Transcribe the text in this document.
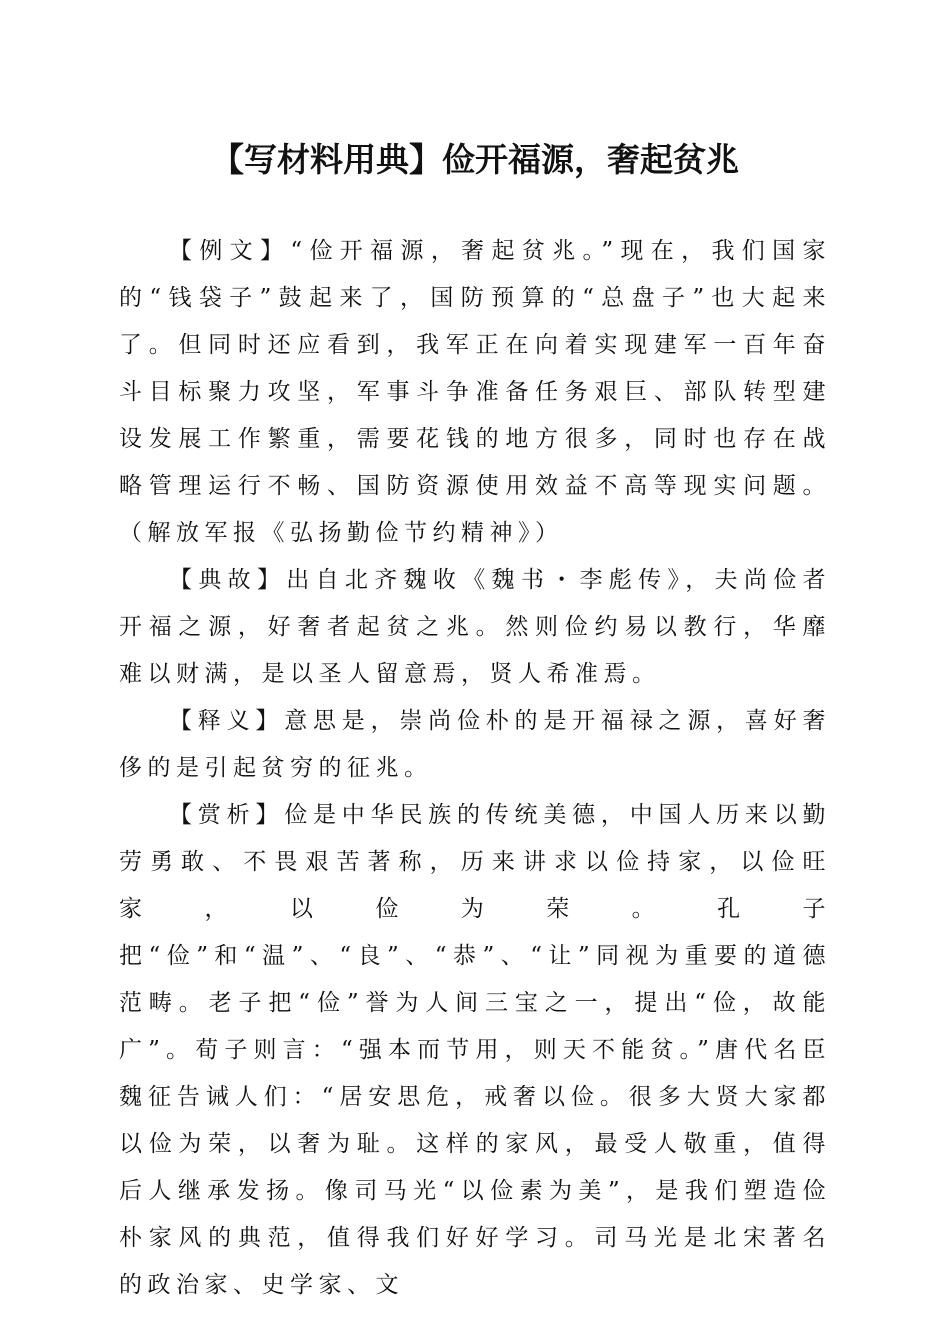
【写材料用典】俭开福源，奢起贫兆

【例文】“俭开福源，奢起贫兆。”现在，我们国家的“钱袋子”鼓起来了，国防预算的“总盘子”也大起来了。但同时还应看到，我军正在向着实现建军一百年奋斗目标聚力攻坚，军事斗争准备任务艰巨、部队转型建设发展工作繁重，需要花钱的地方很多，同时也存在战略管理运行不畅、国防资源使用效益不高等现实问题。（解放军报《弘扬勤俭节约精神》）

【典故】出自北齐魏收《魏书・李彪传》，夫尚俭者开福之源，好奢者起贫之兆。然则俭约易以教行，华靡难以财满，是以圣人留意焉，贤人希准焉。

【释义】意思是，崇尚俭朴的是开福禄之源，喜好奢侈的是引起贫穷的征兆。

【赏析】俭是中华民族的传统美德，中国人历来以勤劳勇敢、不畏艰苦著称，历来讲求以俭持家，以俭旺家，以俭为荣。孔子把“俭”和“温”、“良”、“恭”、“让”同视为重要的道德范畴。老子把“俭”誉为人间三宝之一，提出“俭，故能广”。荀子则言：“强本而节用，则天不能贫。”唐代名臣魏征告诫人们：“居安思危，戒奢以俭。很多大贤大家都以俭为荣，以奢为耻。这样的家风，最受人敬重，值得后人继承发扬。像司马光“以俭素为美”，是我们塑造俭朴家风的典范，值得我们好好学习。司马光是北宋著名的政治家、史学家、文
